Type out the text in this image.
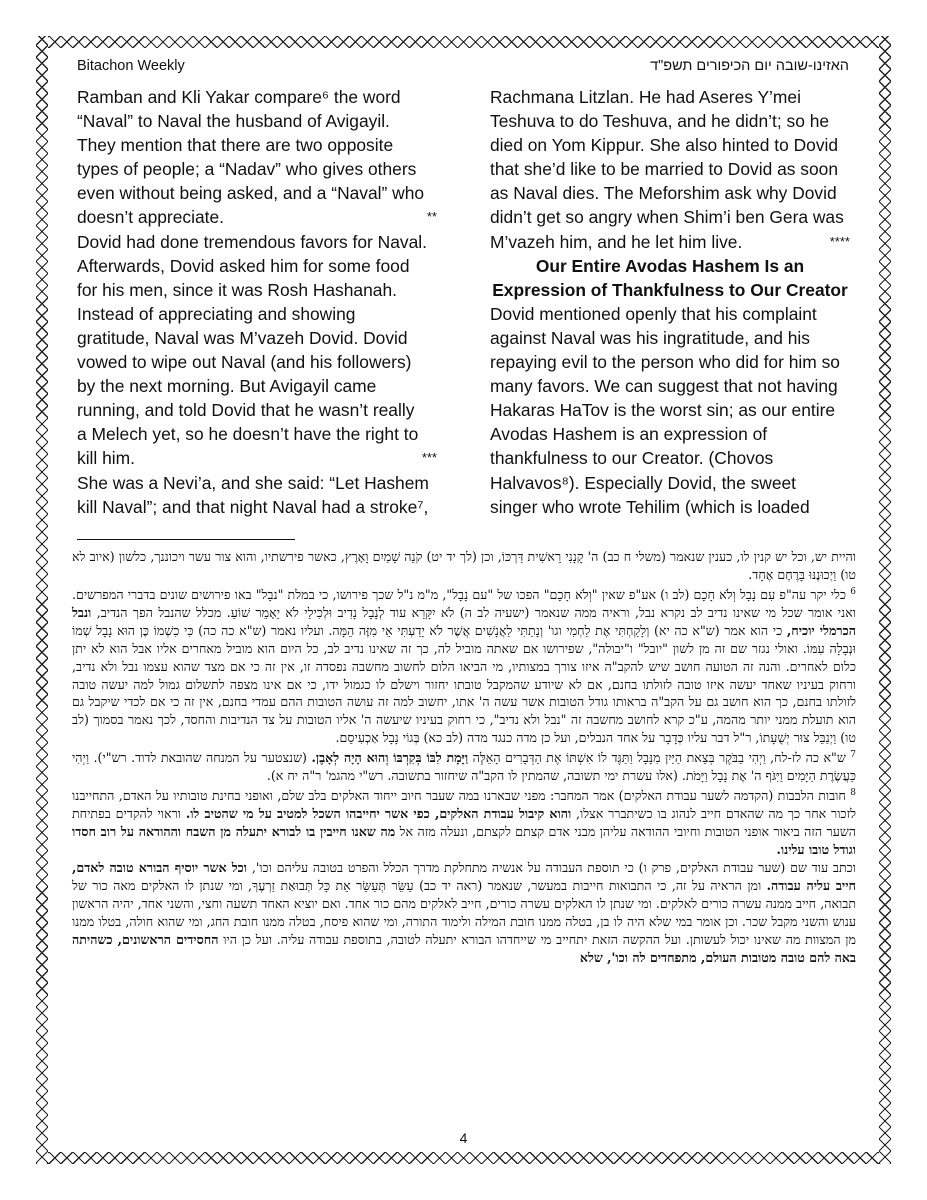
Bitachon Weekly	האזינו-שובה יום הכיפורים תשפ"ד
Ramban and Kli Yakar compare⁶ the word
“Naval” to Naval the husband of Avigayil.
They mention that there are two opposite
types of people; a “Nadav” who gives others
even without being asked, and a “Naval” who
doesn’t appreciate.	**
Dovid had done tremendous favors for Naval.
Afterwards, Dovid asked him for some food
for his men, since it was Rosh Hashanah.
Instead of appreciating and showing
gratitude, Naval was M’vazeh Dovid. Dovid
vowed to wipe out Naval (and his followers)
by the next morning. But Avigayil came
running, and told Dovid that he wasn’t really
a Melech yet, so he doesn’t have the right to
kill him.	***
She was a Nevi’a, and she said: “Let Hashem
kill Naval”; and that night Naval had a stroke⁷,
Rachmana Litzlan. He had Aseres Y’mei
Teshuva to do Teshuva, and he didn’t; so he
died on Yom Kippur. She also hinted to Dovid
that she’d like to be married to Dovid as soon
as Naval dies. The Meforshim ask why Dovid
didn’t get so angry when Shim’i ben Gera was
M’vazeh him, and he let him live.	****
Our Entire Avodas Hashem Is an
Expression of Thankfulness to Our Creator
Dovid mentioned openly that his complaint
against Naval was his ingratitude, and his
repaying evil to the person who did for him so
many favors. We can suggest that not having
Hakaras HaTov is the worst sin; as our entire
Avodas Hashem is an expression of
thankfulness to our Creator. (Chovos
Halvavos⁸). Especially Dovid, the sweet
singer who wrote Tehilim (which is loaded

והיית יש, וכל יש קנין לו, כענין שנאמר (משלי ח כב) ה' קָנָנִי רֵאשִׁית דַּרְכּוֹ, וכן (לך יד יט) קֹנֵה שָׁמַיִם וָאָרֶץ, כאשר פירשתיו, והוא צור עשר ויכוננך, כלשון (איוב לא טו) וַיְכוּנֶנּוּ בָּרֶחֶם אֶחָד.

$^6$ כלי יקר עה"פ עִם נָבָל וְלֹא חָכָם (לב ו) אע"פ שאין "וְלֹא חָכָם" הפכו של "עם נָבָל", מ"מ נ"ל שכך פירושו, כי במלת "נבָל" באו פירושים שונים בדברי המפרשים. ואני אומר שכל מי שאינו נדיב לב נקרא נבל, וראיה ממה שנאמר (ישעיה לב ה) לֹא יִקָּרֵא עוד לְנָבָל נָדִיב וּלְכִילַי לֹא יֵאָמֵר שׁוֹעַ. מכלל שהנבל הפך הנדיב, ונבל הכרמלי יוכיח, כי הוא אמר (ש"א כה יא) וְלָקַחְתִּי אֶת לַחְמִי וגו' וְנָתַתִּי לַאֲנָשִׁים אֲשֶׁר לֹא יָדַעְתִּי אֵי מִזֶּה הֵמָּה. ועליו נאמר (ש"א כה כה) כִּי כִשְׁמוֹ כֶּן הוּא נָבָל שְׁמוֹ וּנְבָלָה עִמּוֹ. ואולי נגזר שם זה מן לשון "יובל" ו"יבולה", שפירושו אם שאתה מוביל לה, כך זה שאינו נדיב לב, כל היום הוא מוביל מאחרים אליו אבל הוא לא יתן כלום לאחרים. והנה זה הטועה חושב שיש להקב"ה איזו צורך במצותיו, מי הביאו הלום לחשוב מחשבה נפסדה זו, אין זה כי אם מצד שהוא עצמו נבל ולא נדיב, ורחוק בעיניו שאחד יעשה איזו טובה לזולתו בחנם, אם לא שיודע שהמקבל טובתו יחזור וישלם לו כגמול ידו, כי אם אינו מצפה לתשלום גמול למה יעשה טובה לזולתו בחנם, כך הוא חושב גם על הקב"ה בראותו גודל הטובות אשר עשה ה' אתו, יחשוב למה זה עושה הטובות ההם עמדי בחנם, אין זה כי אם לכדי שיקבל גם הוא תועלת ממני יותר מהמה, ע"כ קרא לחושב מחשבה זה "נבל ולא נדיב", כי רחוק בעיניו שיעשה ה' אליו הטובות על צד הנדיבות והחסד, לכך נאמר בסמוך (לב טו) וַיְנַבֵּל צוּר יְשֻׁעָתוֹ, ר"ל דבר עליו כְּדָבָר על אחד הנבלים, ועל כן מדה כנגד מדה (לב כא) בְּגוֹי נָבָל אַכְעִיסֵם.

$^7$ ש"א כה לז-לח, וַיְהִי בַבֹּקֶר בְּצֵאת הַיַּיִן מִנָּבָל וַתַּגֶּד לוֹ אִשְׁתּוֹ אֶת הַדְּבָרִים הָאֵלֶּה וַיָּמָת לִבּוֹ בְּקִרְבּוֹ וְהוּא הָיָה לְאָבֶן. (שנצטער על המנחה שהובאת לדוד. רש"י). וַיְהִי כַּעֲשֶׂרֶת הַיָּמִים וַיִּגֹּף ה' אֶת נָבָל וַיָּמֹת. (אלו עשרת ימי תשובה, שהמתין לו הקב"ה שיחזור בתשובה. רש"י מהגמ' ר"ה יח א).

$^8$ חובות הלבבות (הקדמה לשער עבודת האלקים) אמר המחבר: מפני שבארנו במה שעבר חיוב ייחוד האלקים בלב שלם, ואופני בחינת טובותיו על האדם, התחייבנו לזכור אחר כך מה שהאדם חייב לנהוג בו כשיתברר אצלו, והוא קיבול עבודת האלקים, כפי אשר יחייבהו השכל למטיב על מי שהטיב לו. וראוי להקדים בפתיחת השער הזה ביאור אופני הטובות וחיובי ההודאה עליהן מבני אדם קצתם לקצתם, ונעלה מזה אל מה שאנו חייבין בו לבורא יתעלה מן השבח וההודאה על רוב חסדו וגודל טובו עלינו.

וכתב עוד שם (שער עבודת האלקים, פרק ו) כי תוספת העבודה על אנשיה מתחלקת מדרך הכלל והפרט בטובה עליהם וכו', וכל אשר יוסיף הבורא טובה לאדם, חייב עליה עבודה. ומן הראיה על זה, כי התבואות חייבות במעשר, שנאמר (ראה יד כב) עַשֵּׂר תְּעַשֵּׂר אֵת כָּל תְּבוּאַת זַרְעֶךָ, ומי שנתן לו האלקים מאה כור של תבואה, חייב ממנה עשרה כורים לאלקים. ומי שנתן לו האלקים עשרה כורים, חייב לאלקים מהם כור אחד. ואם יוציא האחד תשעה וחצי, והשני אחד, יהיה הראשון ענוש והשני מקבל שכר. וכן אומר במי שלא היה לו בן, בטלה ממנו חובת המילה ולימוד התורה, ומי שהוא פיסח, בטלה ממנו חובת החג, ומי שהוא חולה, בטלו ממנו מן המצוות מה שאינו יכול לעשותן. ועל ההקשה הזאת יתחייב מי שייחדהו הבורא יתעלה לטובה, בתוספת עבודה עליה. ועל כן היו החסידים הראשונים, כשהיתה באה להם טובה מטובות העולם, מתפחדים לה וכו', שלא

4
